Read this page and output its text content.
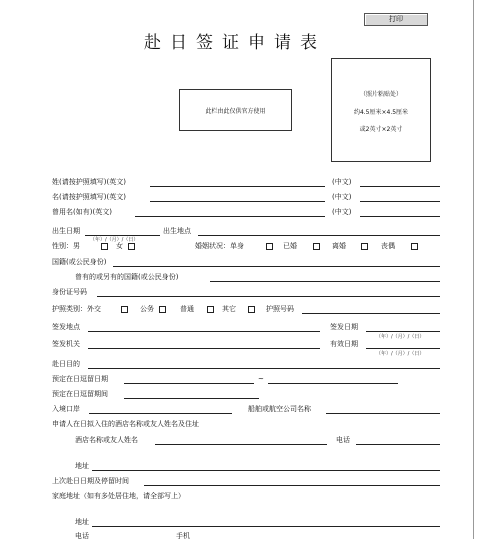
打印
赴日签证申请表
此栏由此仅供官方使用
（照片粘贴处）
约4.5厘米×4.5厘米
或2英寸×2英寸
姓(请按护照填写)(英文)	(中文)
名(请按护照填写)(英文)	(中文)
曾用名(如有)(英文)	(中文)
出生日期
（年）/（月）/（日）
出生地点
性别：男	女	婚姻状况：单身	已婚	离婚	丧偶
国籍(或公民身份)
曾有的或另有的国籍(或公民身份)
身份证号码
护照类别：外交	公务	普通	其它	护照号码
签发地点	签发日期
（年）/（月）/（日）
签发机关	有效日期
（年）/（月）/（日）
赴日目的
预定在日逗留日期	~
预定在日逗留期间
入境口岸	船舶或航空公司名称
申请人在日拟入住的酒店名称或友人姓名及住址
酒店名称或友人姓名	电话
地址
上次赴日日期及停留时间
家庭地址（如有多处居住地，请全部写上）
地址
电话	手机
